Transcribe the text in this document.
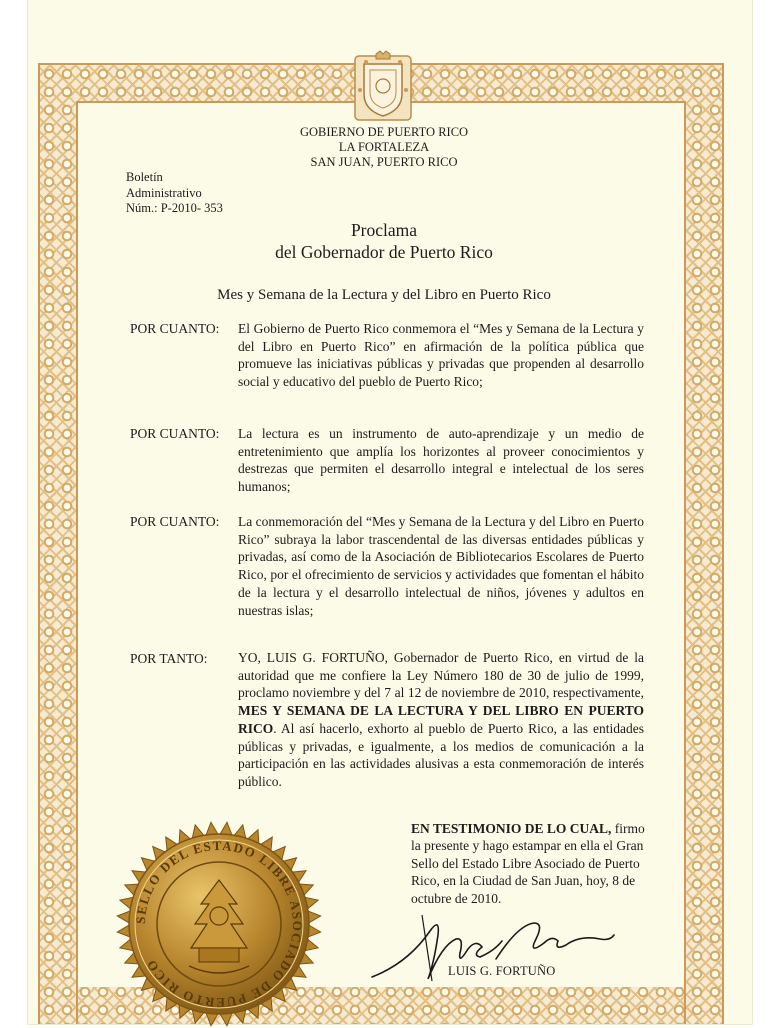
GOBIERNO DE PUERTO RICO
LA FORTALEZA
SAN JUAN, PUERTO RICO
Boletín
Administrativo
Núm.: P-2010- 353
Proclama
del Gobernador de Puerto Rico
Mes y Semana de la Lectura y del Libro en Puerto Rico
POR CUANTO: El Gobierno de Puerto Rico conmemora el “Mes y Semana de la Lectura y del Libro en Puerto Rico” en afirmación de la política pública que promueve las iniciativas públicas y privadas que propenden al desarrollo social y educativo del pueblo de Puerto Rico;
POR CUANTO: La lectura es un instrumento de auto-aprendizaje y un medio de entretenimiento que amplía los horizontes al proveer conocimientos y destrezas que permiten el desarrollo integral e intelectual de los seres humanos;
POR CUANTO: La conmemoración del “Mes y Semana de la Lectura y del Libro en Puerto Rico” subraya la labor trascendental de las diversas entidades públicas y privadas, así como de la Asociación de Bibliotecarios Escolares de Puerto Rico, por el ofrecimiento de servicios y actividades que fomentan el hábito de la lectura y el desarrollo intelectual de niños, jóvenes y adultos en nuestras islas;
POR TANTO: YO, LUIS G. FORTUÑO, Gobernador de Puerto Rico, en virtud de la autoridad que me confiere la Ley Número 180 de 30 de julio de 1999, proclamo noviembre y del 7 al 12 de noviembre de 2010, respectivamente, MES Y SEMANA DE LA LECTURA Y DEL LIBRO EN PUERTO RICO. Al así hacerlo, exhorto al pueblo de Puerto Rico, a las entidades públicas y privadas, e igualmente, a los medios de comunicación a la participación en las actividades alusivas a esta conmemoración de interés público.
SELLO DEL ESTADO LIBRE ASOCIADO DE PUERTO RICO
EN TESTIMONIO DE LO CUAL, firmo la presente y hago estampar en ella el Gran Sello del Estado Libre Asociado de Puerto Rico, en la Ciudad de San Juan, hoy, 8 de octubre de 2010.
LUIS G. FORTUÑO
